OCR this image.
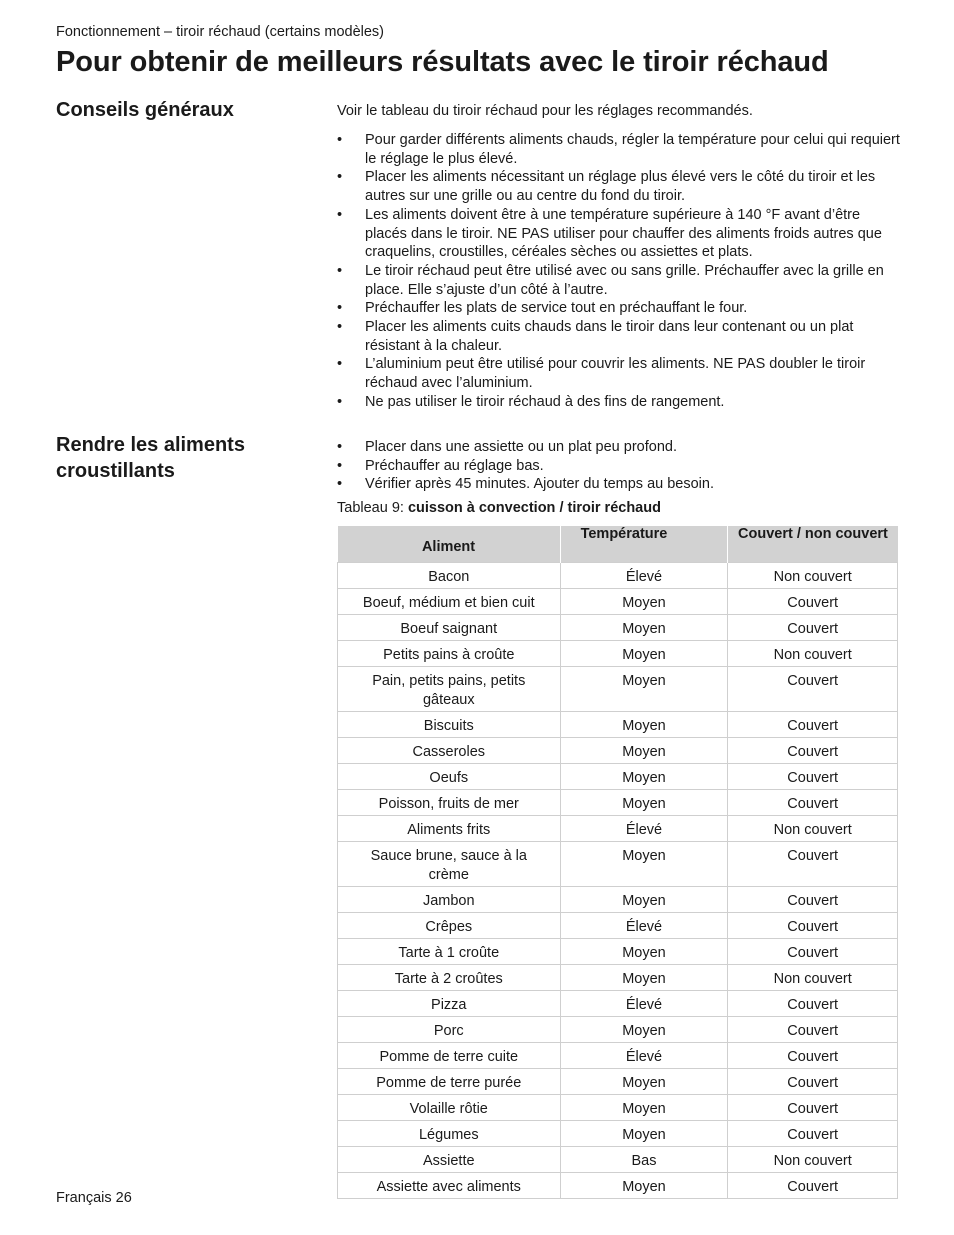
Fonctionnement – tiroir réchaud (certains modèles)
Pour obtenir de meilleurs résultats avec le tiroir réchaud
Conseils généraux	Voir le tableau du tiroir réchaud pour les réglages recommandés.
• Pour garder différents aliments chauds, régler la température pour celui qui requiert le réglage le plus élevé.
• Placer les aliments nécessitant un réglage plus élevé vers le côté du tiroir et les autres sur une grille ou au centre du fond du tiroir.
• Les aliments doivent être à une température supérieure à 140 °F avant d’être placés dans le tiroir. NE PAS utiliser pour chauffer des aliments froids autres que craquelins, croustilles, céréales sèches ou assiettes et plats.
• Le tiroir réchaud peut être utilisé avec ou sans grille. Préchauffer avec la grille en place. Elle s’ajuste d’un côté à l’autre.
• Préchauffer les plats de service tout en préchauffant le four.
• Placer les aliments cuits chauds dans le tiroir dans leur contenant ou un plat résistant à la chaleur.
• L’aluminium peut être utilisé pour couvrir les aliments. NE PAS doubler le tiroir réchaud avec l’aluminium.
• Ne pas utiliser le tiroir réchaud à des fins de rangement.
Rendre les aliments croustillants
• Placer dans une assiette ou un plat peu profond.
• Préchauffer au réglage bas.
• Vérifier après 45 minutes. Ajouter du temps au besoin.
Tableau 9: cuisson à convection / tiroir réchaud
Aliment	Température	Couvert / non couvert
Bacon	Élevé	Non couvert
Boeuf, médium et bien cuit	Moyen	Couvert
Boeuf saignant	Moyen	Couvert
Petits pains à croûte	Moyen	Non couvert
Pain, petits pains, petits gâteaux	Moyen	Couvert
Biscuits	Moyen	Couvert
Casseroles	Moyen	Couvert
Oeufs	Moyen	Couvert
Poisson, fruits de mer	Moyen	Couvert
Aliments frits	Élevé	Non couvert
Sauce brune, sauce à la crème	Moyen	Couvert
Jambon	Moyen	Couvert
Crêpes	Élevé	Couvert
Tarte à 1 croûte	Moyen	Couvert
Tarte à 2 croûtes	Moyen	Non couvert
Pizza	Élevé	Couvert
Porc	Moyen	Couvert
Pomme de terre cuite	Élevé	Couvert
Pomme de terre purée	Moyen	Couvert
Volaille rôtie	Moyen	Couvert
Légumes	Moyen	Couvert
Assiette	Bas	Non couvert
Assiette avec aliments	Moyen	Couvert
Français 26
